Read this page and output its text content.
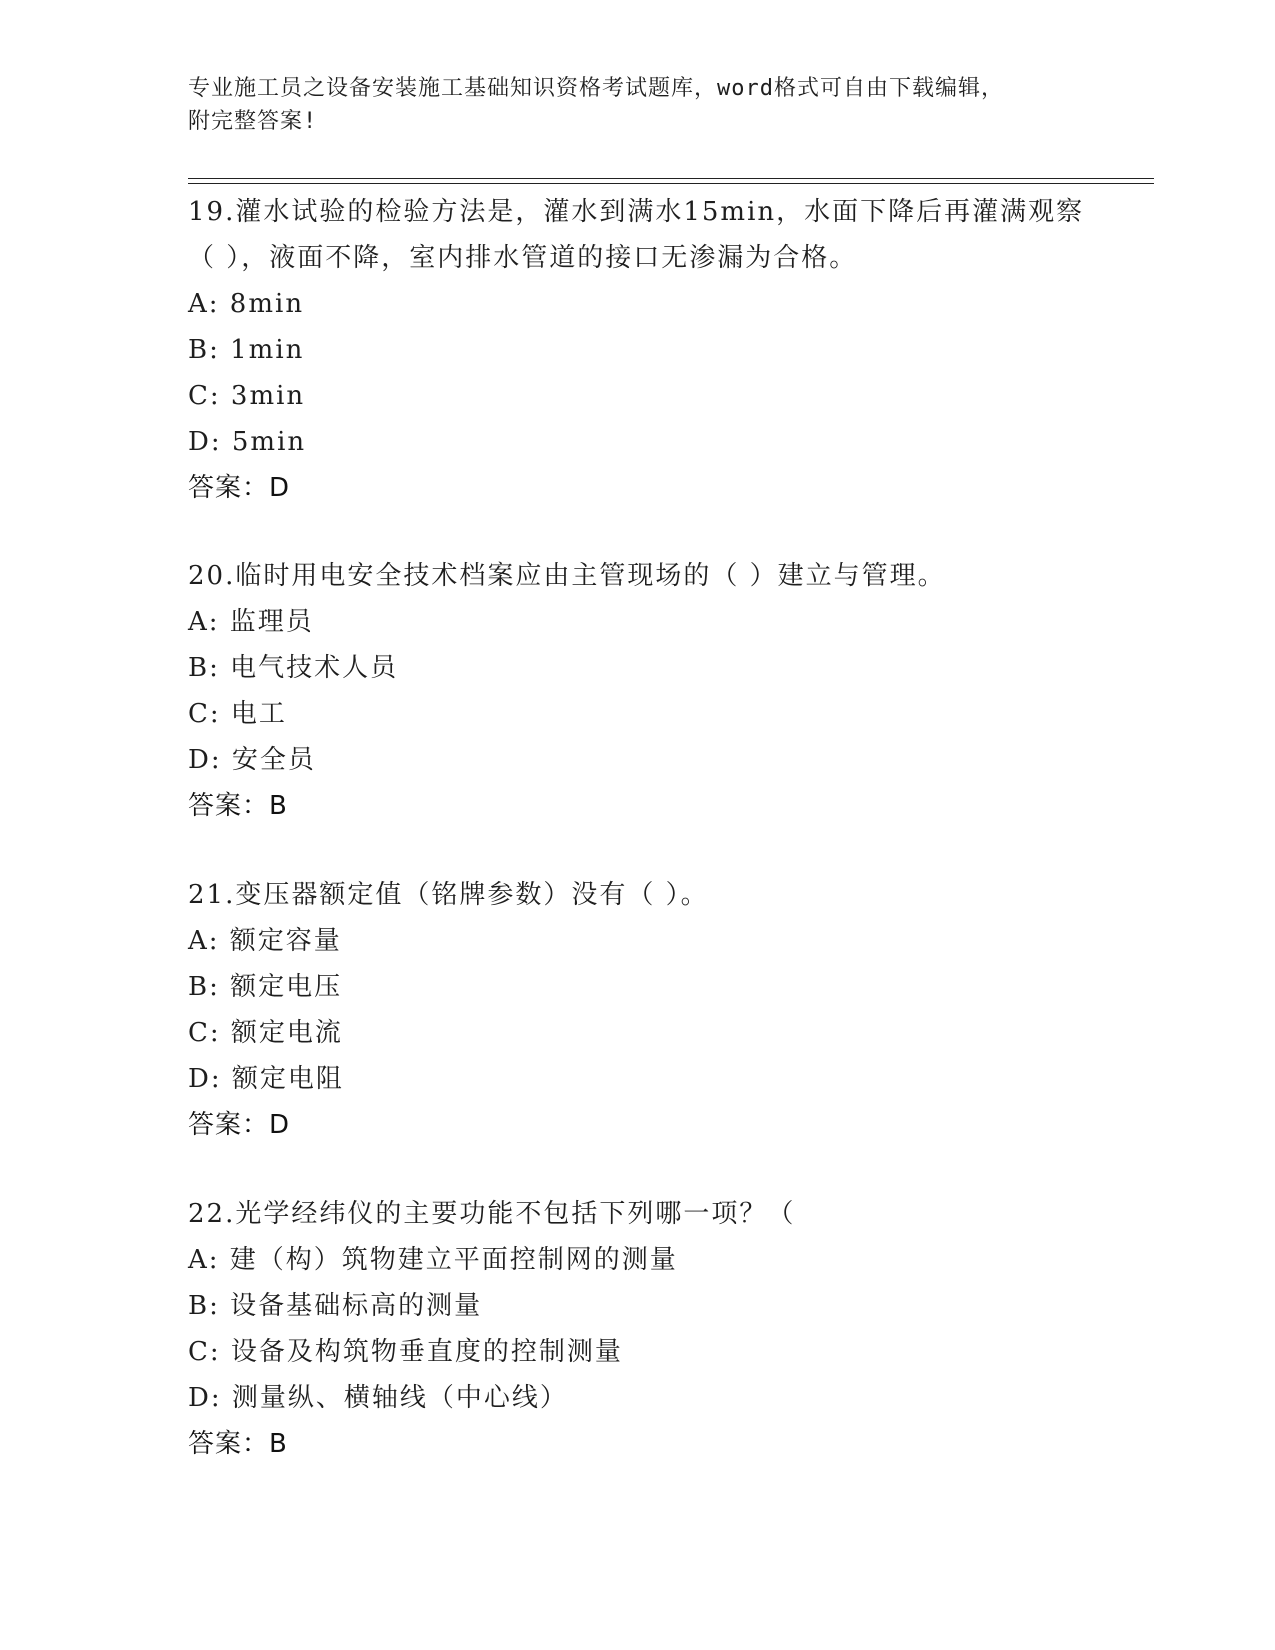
专业施工员之设备安装施工基础知识资格考试题库，word格式可自由下载编辑，
附完整答案!
19.灌水试验的检验方法是，灌水到满水15min，水面下降后再灌满观察（ ），液面不降，室内排水管道的接口无渗漏为合格。
A: 8min
B: 1min
C: 3min
D: 5min
答案：D
20.临时用电安全技术档案应由主管现场的（ ）建立与管理。
A: 监理员
B: 电气技术人员
C: 电工
D: 安全员
答案：B
21.变压器额定值（铭牌参数）没有（ ）。
A: 额定容量
B: 额定电压
C: 额定电流
D: 额定电阻
答案：D
22.光学经纬仪的主要功能不包括下列哪一项？（
A: 建（构）筑物建立平面控制网的测量
B: 设备基础标高的测量
C: 设备及构筑物垂直度的控制测量
D: 测量纵、横轴线（中心线）
答案：B
